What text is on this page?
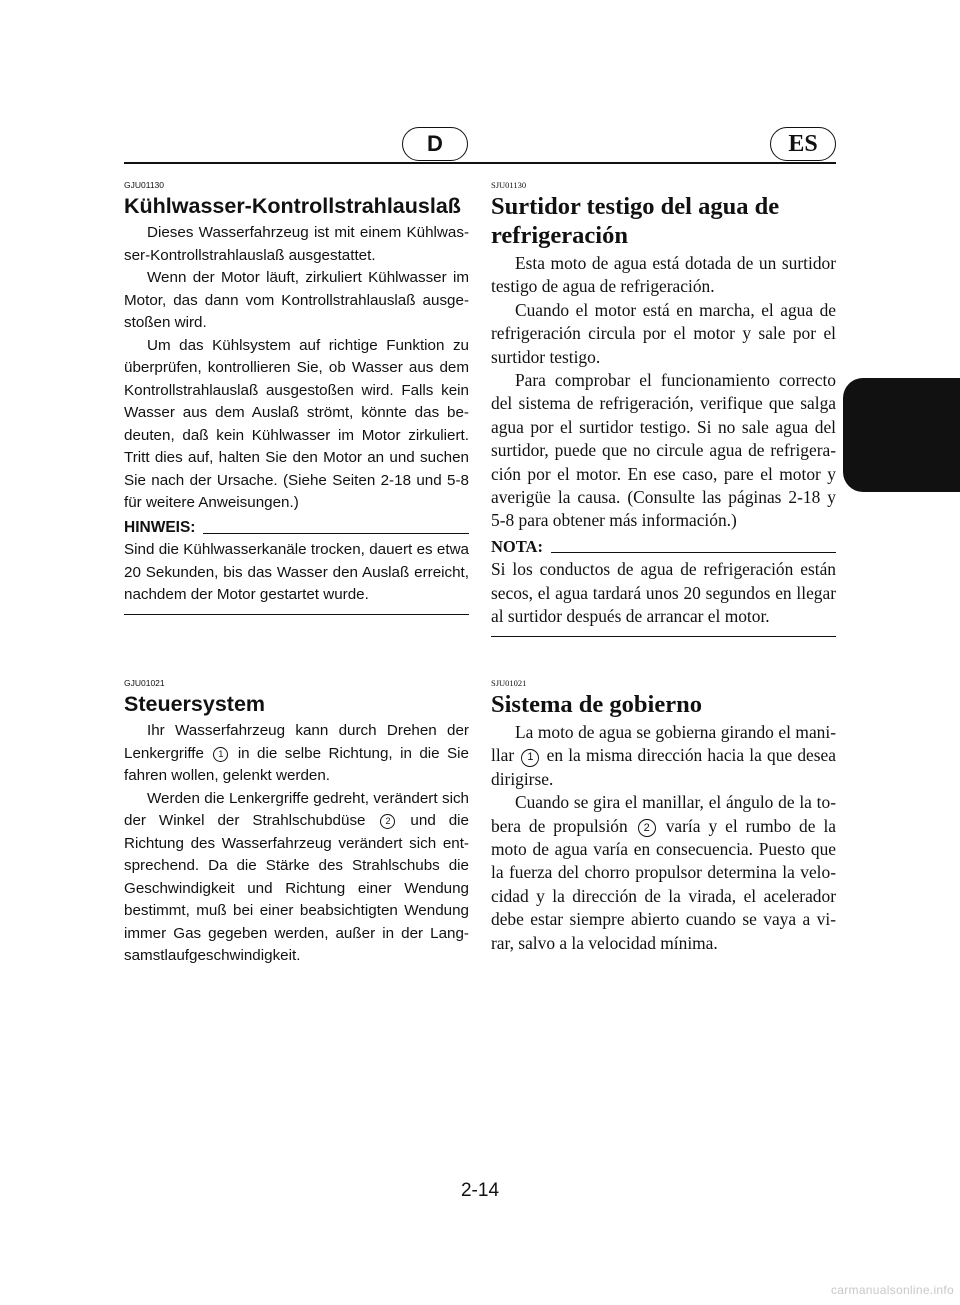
D	ES
GJU01130
Kühlwasser-Kontrollstrahlauslaß

Dieses Wasserfahrzeug ist mit einem Kühlwas-ser-Kontrollstrahlauslaß ausgestattet.

Wenn der Motor läuft, zirkuliert Kühlwasser im Motor, das dann vom Kontrollstrahlauslaß ausge-stoßen wird.

Um das Kühlsystem auf richtige Funktion zu überprüfen, kontrollieren Sie, ob Wasser aus dem Kontrollstrahlauslaß ausgestoßen wird. Falls kein Wasser aus dem Auslaß strömt, könnte das be-deuten, daß kein Kühlwasser im Motor zirkuliert. Tritt dies auf, halten Sie den Motor an und suchen Sie nach der Ursache. (Siehe Seiten 2-18 und 5-8 für weitere Anweisungen.)

HINWEIS:

Sind die Kühlwasserkanäle trocken, dauert es etwa 20 Sekunden, bis das Wasser den Auslaß erreicht, nachdem der Motor gestartet wurde.

SJU01130
Surtidor testigo del agua de refrigeración

Esta moto de agua está dotada de un surtidor testigo de agua de refrigeración.

Cuando el motor está en marcha, el agua de refrigeración circula por el motor y sale por el surtidor testigo.

Para comprobar el funcionamiento correcto del sistema de refrigeración, verifique que salga agua por el surtidor testigo. Si no sale agua del surtidor, puede que no circule agua de refrigera-ción por el motor. En ese caso, pare el motor y averigüe la causa. (Consulte las páginas 2-18 y 5-8 para obtener más información.)

NOTA:

Si los conductos de agua de refrigeración están secos, el agua tardará unos 20 segundos en llegar al surtidor después de arrancar el motor.

GJU01021
Steuersystem

Ihr Wasserfahrzeug kann durch Drehen der Lenkergriffe 1 in die selbe Richtung, in die Sie fahren wollen, gelenkt werden.

Werden die Lenkergriffe gedreht, verändert sich der Winkel der Strahlschubdüse 2 und die Richtung des Wasserfahrzeug verändert sich ent-sprechend. Da die Stärke des Strahlschubs die Geschwindigkeit und Richtung einer Wendung bestimmt, muß bei einer beabsichtigten Wendung immer Gas gegeben werden, außer in der Lang-samstlaufgeschwindigkeit.

SJU01021
Sistema de gobierno

La moto de agua se gobierna girando el mani-llar 1 en la misma dirección hacia la que desea dirigirse.

Cuando se gira el manillar, el ángulo de la to-bera de propulsión 2 varía y el rumbo de la moto de agua varía en consecuencia. Puesto que la fuerza del chorro propulsor determina la velo-cidad y la dirección de la virada, el acelerador debe estar siempre abierto cuando se vaya a vi-rar, salvo a la velocidad mínima.

2-14
carmanualsonline.info
